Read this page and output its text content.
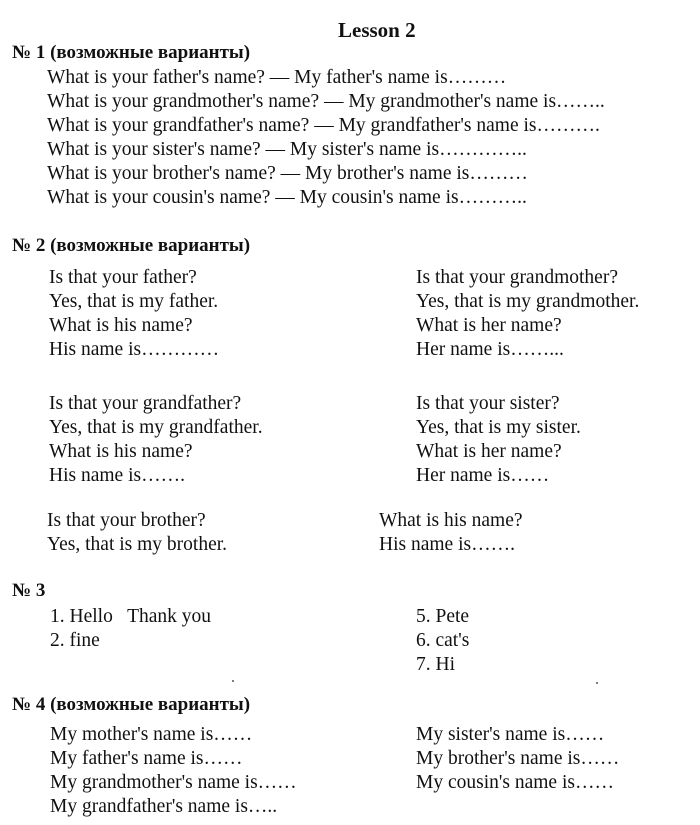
Lesson 2
№ 1 (возможные варианты)
What is your father's name? — My father's name is………
What is your grandmother's name? — My grandmother's name is……..
What is your grandfather's name? — My grandfather's name is……….
What is your sister's name? — My sister's name is…………..
What is your brother's name? — My brother's name is………
What is your cousin's name? — My cousin's name is………..
№ 2 (возможные варианты)
Is that your father?
Yes, that is my father.
What is his name?
His name is…………
Is that your grandmother?
Yes, that is my grandmother.
What is her name?
Her name is……...
Is that your grandfather?
Yes, that is my grandfather.
What is his name?
His name is…….
Is that your sister?
Yes, that is my sister.
What is her name?
Her name is……
Is that your brother?
Yes, that is my brother.
What is his name?
His name is…….
№ 3
1. Hello   Thank you
2. fine
5. Pete
6. cat's
7. Hi
№ 4 (возможные варианты)
My mother's name is……
My father's name is……
My grandmother's name is……
My grandfather's name is…..
My sister's name is……
My brother's name is……
My cousin's name is……
